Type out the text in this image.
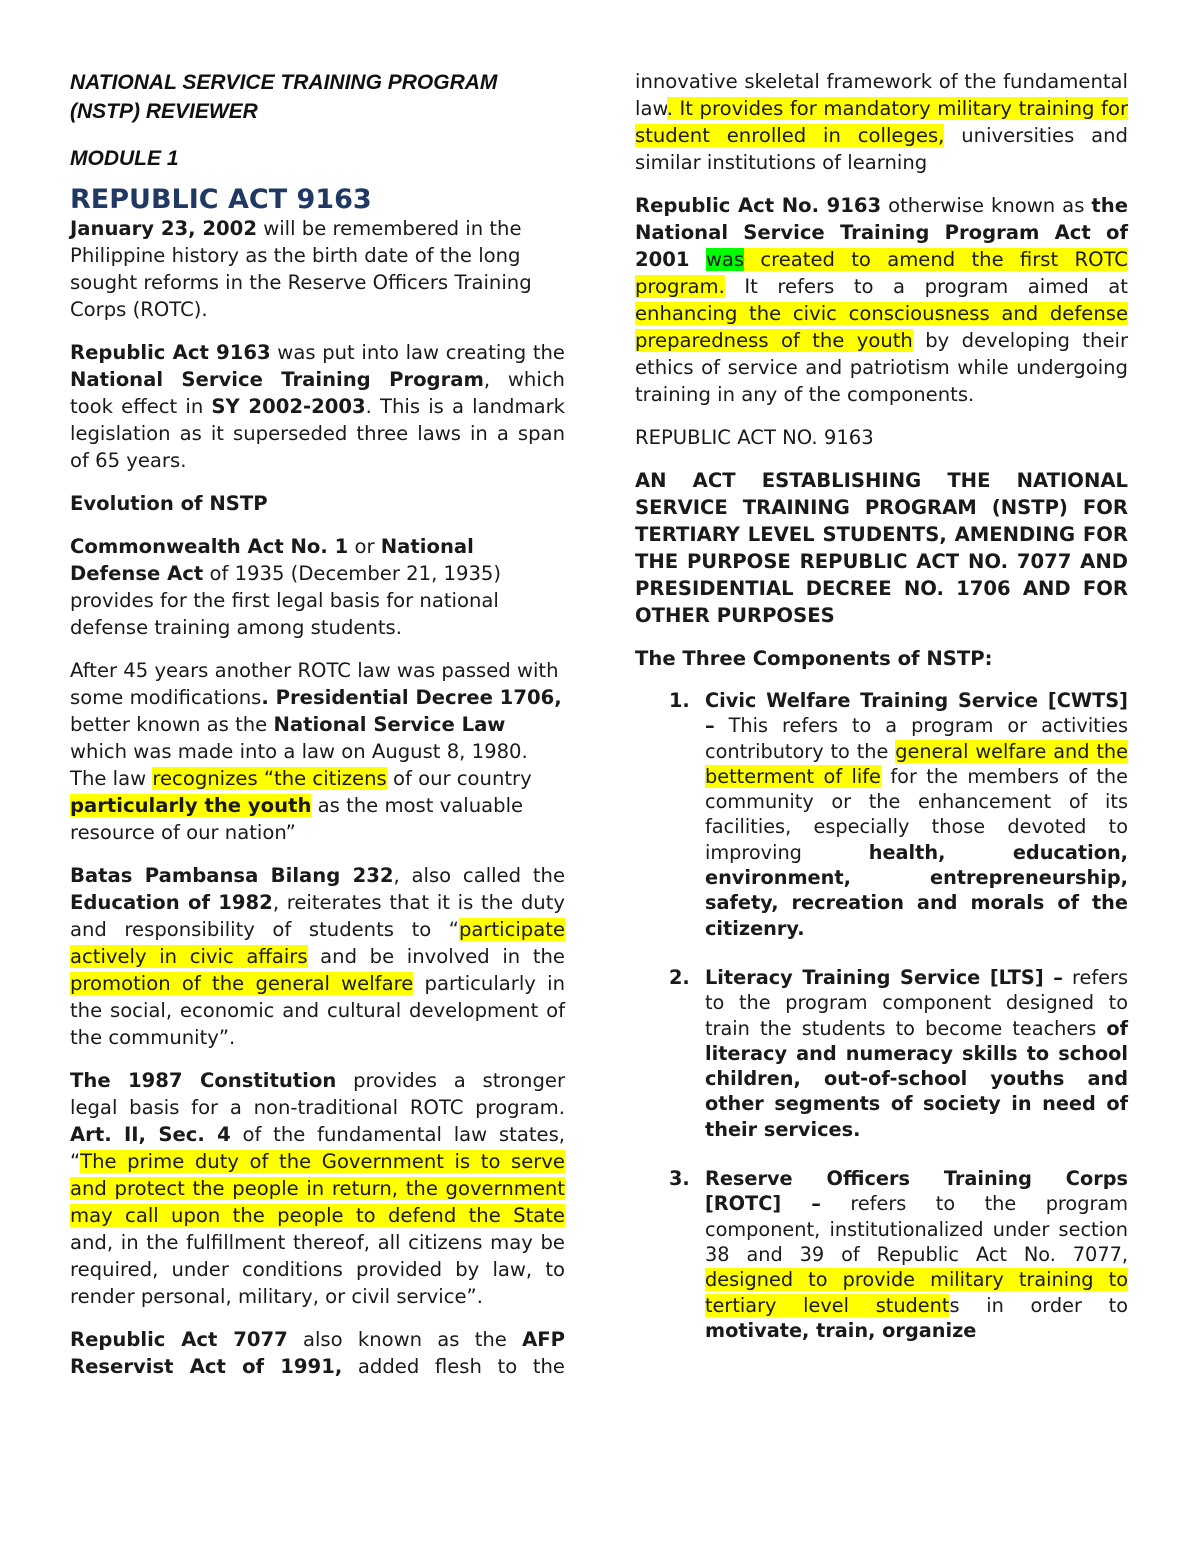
NATIONAL SERVICE TRAINING PROGRAM

(NSTP) REVIEWER

MODULE 1

REPUBLIC ACT 9163

January 23, 2002 will be remembered in the Philippine history as the birth date of the long sought reforms in the Reserve Officers Training Corps (ROTC).

Republic Act 9163 was put into law creating the National Service Training Program, which took effect in SY 2002-2003. This is a landmark legislation as it superseded three laws in a span of 65 years.

Evolution of NSTP

Commonwealth Act No. 1 or National Defense Act of 1935 (December 21, 1935) provides for the first legal basis for national defense training among students.

After 45 years another ROTC law was passed with some modifications. Presidential Decree 1706, better known as the National Service Law which was made into a law on August 8, 1980. The law recognizes “the citizens of our country particularly the youth as the most valuable resource of our nation”

Batas Pambansa Bilang 232, also called the Education of 1982, reiterates that it is the duty and responsibility of students to “participate actively in civic affairs and be involved in the promotion of the general welfare particularly in the social, economic and cultural development of the community”.

The 1987 Constitution provides a stronger legal basis for a non-traditional ROTC program. Art. II, Sec. 4 of the fundamental law states, “The prime duty of the Government is to serve and protect the people in return, the government may call upon the people to defend the State and, in the fulfillment thereof, all citizens may be required, under conditions provided by law, to render personal, military, or civil service”.

Republic Act 7077 also known as the AFP Reservist Act of 1991, added flesh to the

innovative skeletal framework of the fundamental law. It provides for mandatory military training for student enrolled in colleges, universities and similar institutions of learning

Republic Act No. 9163 otherwise known as the National Service Training Program Act of 2001 was created to amend the first ROTC program. It refers to a program aimed at enhancing the civic consciousness and defense preparedness of the youth by developing their ethics of service and patriotism while undergoing training in any of the components.

REPUBLIC ACT NO. 9163

AN ACT ESTABLISHING THE NATIONAL SERVICE TRAINING PROGRAM (NSTP) FOR TERTIARY LEVEL STUDENTS, AMENDING FOR THE PURPOSE REPUBLIC ACT NO. 7077 AND PRESIDENTIAL DECREE NO. 1706 AND FOR OTHER PURPOSES

The Three Components of NSTP:

1. Civic Welfare Training Service [CWTS] – This refers to a program or activities contributory to the general welfare and the betterment of life for the members of the community or the enhancement of its facilities, especially those devoted to improving health, education, environment, entrepreneurship, safety, recreation and morals of the citizenry.
2. Literacy Training Service [LTS] – refers to the program component designed to train the students to become teachers of literacy and numeracy skills to school children, out-of-school youths and other segments of society in need of their services.
3. Reserve Officers Training Corps [ROTC] – refers to the program component, institutionalized under section 38 and 39 of Republic Act No. 7077, designed to provide military training to tertiary level students in order to motivate, train, organize
